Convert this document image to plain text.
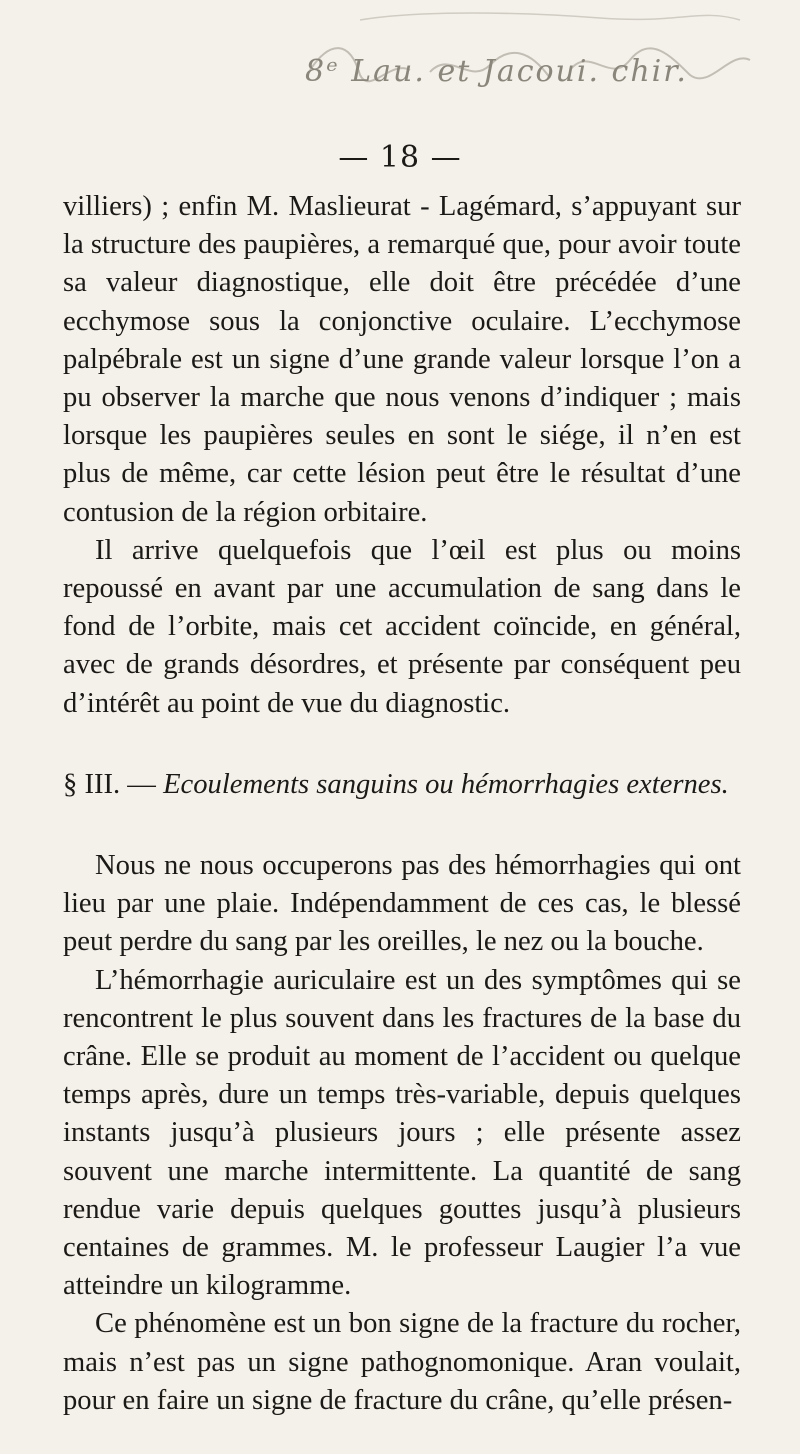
8ᵉ Lau. et Jacoui. chir.
— 18 —

villiers) ; enfin M. Maslieurat - Lagémard, s’appuyant sur la structure des paupières, a remarqué que, pour avoir toute sa valeur diagnostique, elle doit être précédée d’une ecchymose sous la conjonctive oculaire. L’ecchymose palpébrale est un signe d’une grande valeur lorsque l’on a pu observer la marche que nous venons d’indiquer ; mais lorsque les paupières seules en sont le siége, il n’en est plus de même, car cette lésion peut être le résultat d’une contusion de la région orbitaire.

Il arrive quelquefois que l’œil est plus ou moins repoussé en avant par une accumulation de sang dans le fond de l’orbite, mais cet accident coïncide, en général, avec de grands désordres, et présente par conséquent peu d’intérêt au point de vue du diagnostic.

§ III. — Ecoulements sanguins ou hémorrhagies externes.

Nous ne nous occuperons pas des hémorrhagies qui ont lieu par une plaie. Indépendamment de ces cas, le blessé peut perdre du sang par les oreilles, le nez ou la bouche.

L’hémorrhagie auriculaire est un des symptômes qui se rencontrent le plus souvent dans les fractures de la base du crâne. Elle se produit au moment de l’accident ou quelque temps après, dure un temps très-variable, depuis quelques instants jusqu’à plusieurs jours ; elle présente assez souvent une marche intermittente. La quantité de sang rendue varie depuis quelques gouttes jusqu’à plusieurs centaines de grammes. M. le professeur Laugier l’a vue atteindre un kilogramme.

Ce phénomène est un bon signe de la fracture du rocher, mais n’est pas un signe pathognomonique. Aran voulait, pour en faire un signe de fracture du crâne, qu’elle présen-
